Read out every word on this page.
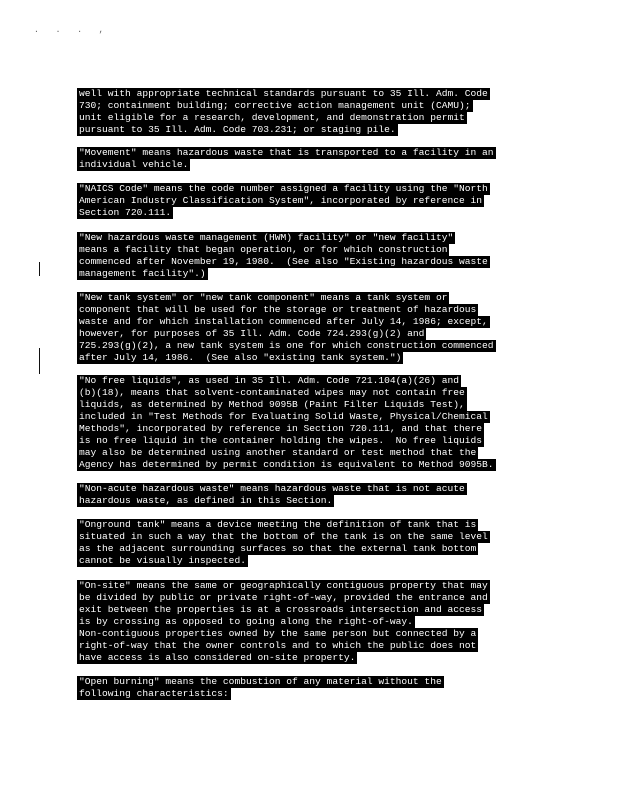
. . . ,
well with appropriate technical standards pursuant to 35 Ill. Adm. Code
730; containment building; corrective action management unit (CAMU);
unit eligible for a research, development, and demonstration permit
pursuant to 35 Ill. Adm. Code 703.231; or staging pile.
"Movement" means hazardous waste that is transported to a facility in an
individual vehicle.
"NAICS Code" means the code number assigned a facility using the "North
American Industry Classification System", incorporated by reference in
Section 720.111.
"New hazardous waste management (HWM) facility" or "new facility"
means a facility that began operation, or for which construction
commenced after November 19, 1980.  (See also "Existing hazardous waste
management facility".)
"New tank system" or "new tank component" means a tank system or
component that will be used for the storage or treatment of hazardous
waste and for which installation commenced after July 14, 1986; except,
however, for purposes of 35 Ill. Adm. Code 724.293(g)(2) and
725.293(g)(2), a new tank system is one for which construction commenced
after July 14, 1986.  (See also "existing tank system.")
"No free liquids", as used in 35 Ill. Adm. Code 721.104(a)(26) and
(b)(18), means that solvent-contaminated wipes may not contain free
liquids, as determined by Method 9095B (Paint Filter Liquids Test),
included in "Test Methods for Evaluating Solid Waste, Physical/Chemical
Methods", incorporated by reference in Section 720.111, and that there
is no free liquid in the container holding the wipes.  No free liquids
may also be determined using another standard or test method that the
Agency has determined by permit condition is equivalent to Method 9095B.
"Non-acute hazardous waste" means hazardous waste that is not acute
hazardous waste, as defined in this Section.
"Onground tank" means a device meeting the definition of tank that is
situated in such a way that the bottom of the tank is on the same level
as the adjacent surrounding surfaces so that the external tank bottom
cannot be visually inspected.
"On-site" means the same or geographically contiguous property that may
be divided by public or private right-of-way, provided the entrance and
exit between the properties is at a crossroads intersection and access
is by crossing as opposed to going along the right-of-way.
Non-contiguous properties owned by the same person but connected by a
right-of-way that the owner controls and to which the public does not
have access is also considered on-site property.
"Open burning" means the combustion of any material without the
following characteristics:
